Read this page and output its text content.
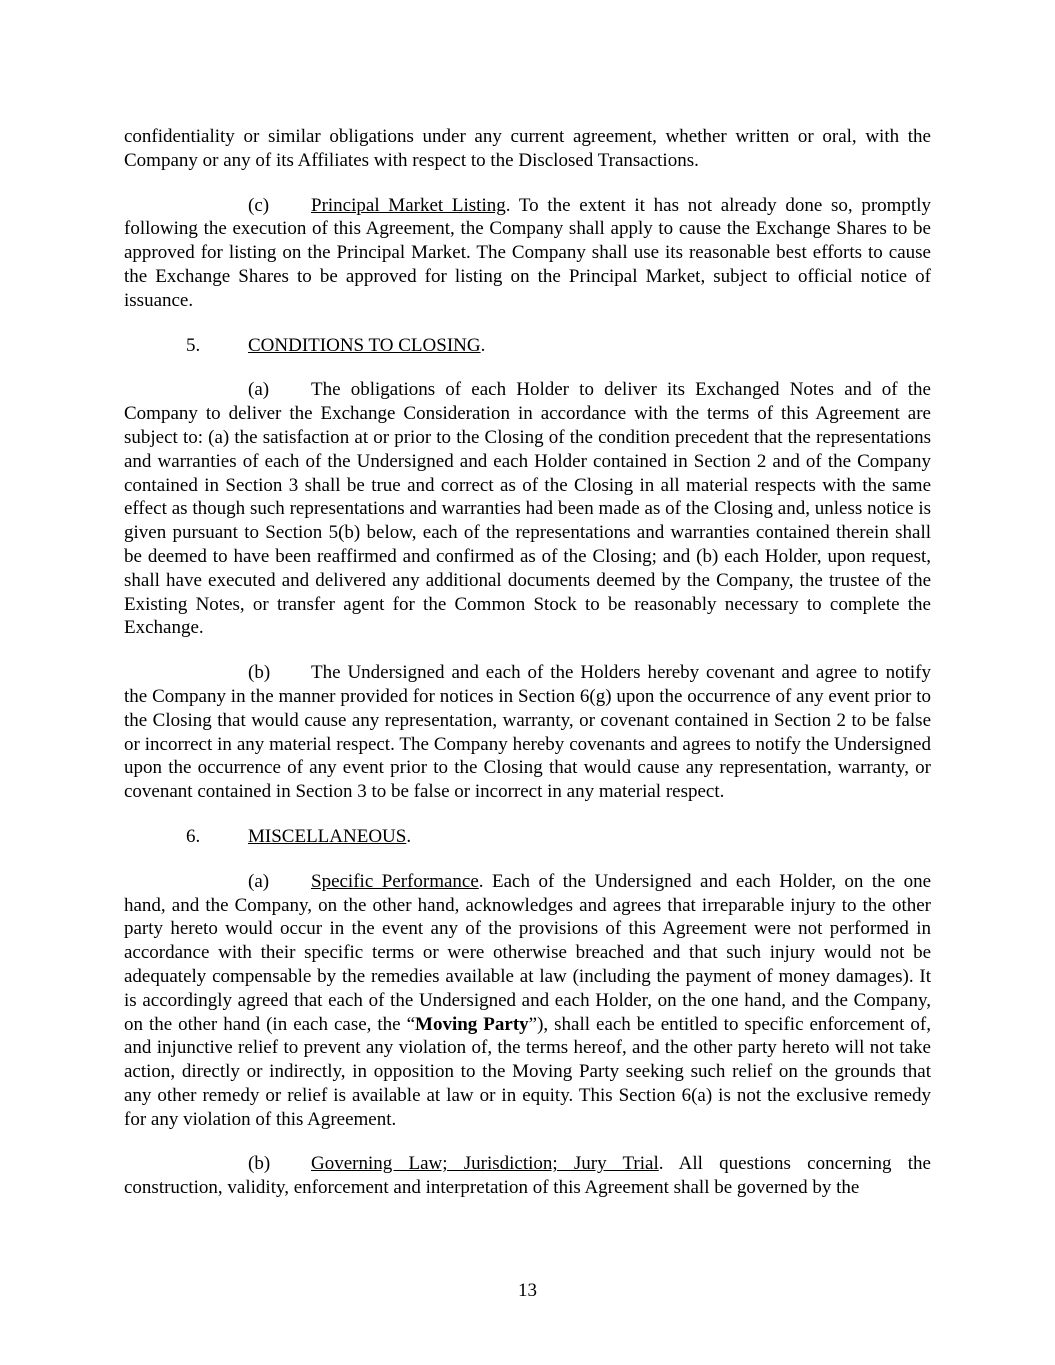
confidentiality or similar obligations under any current agreement, whether written or oral, with the Company or any of its Affiliates with respect to the Disclosed Transactions.

(c) Principal Market Listing. To the extent it has not already done so, promptly following the execution of this Agreement, the Company shall apply to cause the Exchange Shares to be approved for listing on the Principal Market. The Company shall use its reasonable best efforts to cause the Exchange Shares to be approved for listing on the Principal Market, subject to official notice of issuance.

5.	CONDITIONS TO CLOSING.

(a) The obligations of each Holder to deliver its Exchanged Notes and of the Company to deliver the Exchange Consideration in accordance with the terms of this Agreement are subject to: (a) the satisfaction at or prior to the Closing of the condition precedent that the representations and warranties of each of the Undersigned and each Holder contained in Section 2 and of the Company contained in Section 3 shall be true and correct as of the Closing in all material respects with the same effect as though such representations and warranties had been made as of the Closing and, unless notice is given pursuant to Section 5(b) below, each of the representations and warranties contained therein shall be deemed to have been reaffirmed and confirmed as of the Closing; and (b) each Holder, upon request, shall have executed and delivered any additional documents deemed by the Company, the trustee of the Existing Notes, or transfer agent for the Common Stock to be reasonably necessary to complete the Exchange.

(b) The Undersigned and each of the Holders hereby covenant and agree to notify the Company in the manner provided for notices in Section 6(g) upon the occurrence of any event prior to the Closing that would cause any representation, warranty, or covenant contained in Section 2 to be false or incorrect in any material respect. The Company hereby covenants and agrees to notify the Undersigned upon the occurrence of any event prior to the Closing that would cause any representation, warranty, or covenant contained in Section 3 to be false or incorrect in any material respect.

6.	MISCELLANEOUS.

(a) Specific Performance. Each of the Undersigned and each Holder, on the one hand, and the Company, on the other hand, acknowledges and agrees that irreparable injury to the other party hereto would occur in the event any of the provisions of this Agreement were not performed in accordance with their specific terms or were otherwise breached and that such injury would not be adequately compensable by the remedies available at law (including the payment of money damages). It is accordingly agreed that each of the Undersigned and each Holder, on the one hand, and the Company, on the other hand (in each case, the “Moving Party”), shall each be entitled to specific enforcement of, and injunctive relief to prevent any violation of, the terms hereof, and the other party hereto will not take action, directly or indirectly, in opposition to the Moving Party seeking such relief on the grounds that any other remedy or relief is available at law or in equity. This Section 6(a) is not the exclusive remedy for any violation of this Agreement.

(b) Governing Law; Jurisdiction; Jury Trial. All questions concerning the construction, validity, enforcement and interpretation of this Agreement shall be governed by the

13
